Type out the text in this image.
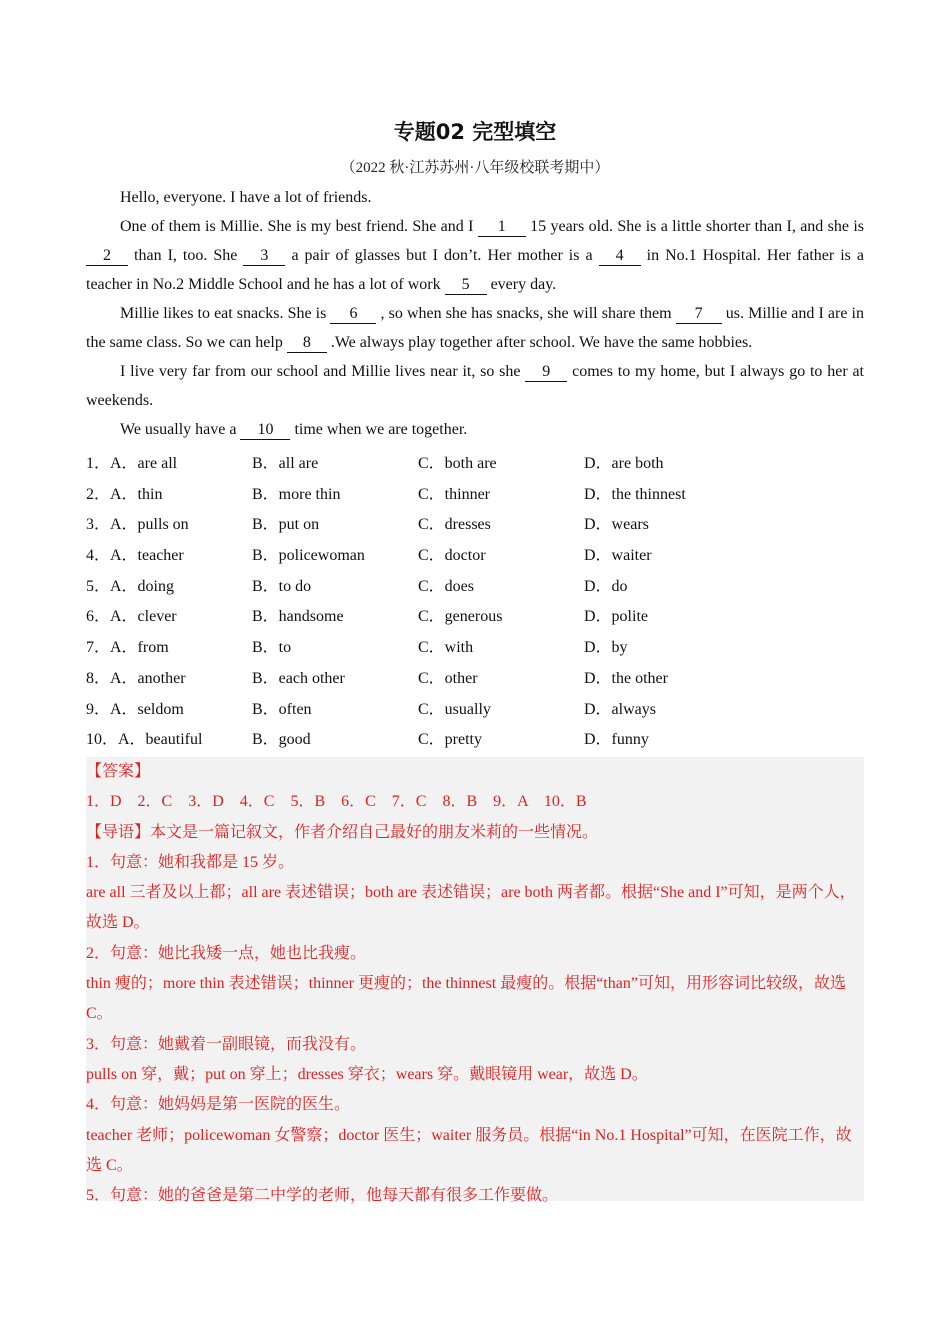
专题02 完型填空
（2022 秋·江苏苏州·八年级校联考期中）

Hello, everyone. I have a lot of friends.

One of them is Millie. She is my best friend. She and I 1 15 years old. She is a little shorter than I, and she is 2 than I, too. She 3 a pair of glasses but I don’t. Her mother is a 4 in No.1 Hospital. Her father is a teacher in No.2 Middle School and he has a lot of work 5 every day.

Millie likes to eat snacks. She is 6 , so when she has snacks, she will share them 7 us. Millie and I are in the same class. So we can help 8 .We always play together after school. We have the same hobbies.

I live very far from our school and Millie lives near it, so she 9 comes to my home, but I always go to her at weekends.

We usually have a 10 time when we are together.

1．A．are all	B．all are	C．both are	D．are both
2．A．thin	B．more thin	C．thinner	D．the thinnest
3．A．pulls on	B．put on	C．dresses	D．wears
4．A．teacher	B．policewoman	C．doctor	D．waiter
5．A．doing	B．to do	C．does	D．do
6．A．clever	B．handsome	C．generous	D．polite
7．A．from	B．to	C．with	D．by
8．A．another	B．each other	C．other	D．the other
9．A．seldom	B．often	C．usually	D．always
10．A．beautiful	B．good	C．pretty	D．funny
【答案】
1．D    2．C    3．D    4．C    5．B    6．C    7．C    8．B    9．A    10．B
【导语】本文是一篇记叙文，作者介绍自己最好的朋友米莉的一些情况。
1．句意：她和我都是 15 岁。
are all 三者及以上都；all are 表述错误；both are 表述错误；are both 两者都。根据“She and I”可知，是两个人，故选 D。
2．句意：她比我矮一点，她也比我瘦。
thin 瘦的；more thin 表述错误；thinner 更瘦的；the thinnest 最瘦的。根据“than”可知，用形容词比较级，故选 C。
3．句意：她戴着一副眼镜，而我没有。
pulls on 穿，戴；put on 穿上；dresses 穿衣；wears 穿。戴眼镜用 wear，故选 D。
4．句意：她妈妈是第一医院的医生。
teacher 老师；policewoman 女警察；doctor 医生；waiter 服务员。根据“in No.1 Hospital”可知，在医院工作，故选 C。
5．句意：她的爸爸是第二中学的老师，他每天都有很多工作要做。
